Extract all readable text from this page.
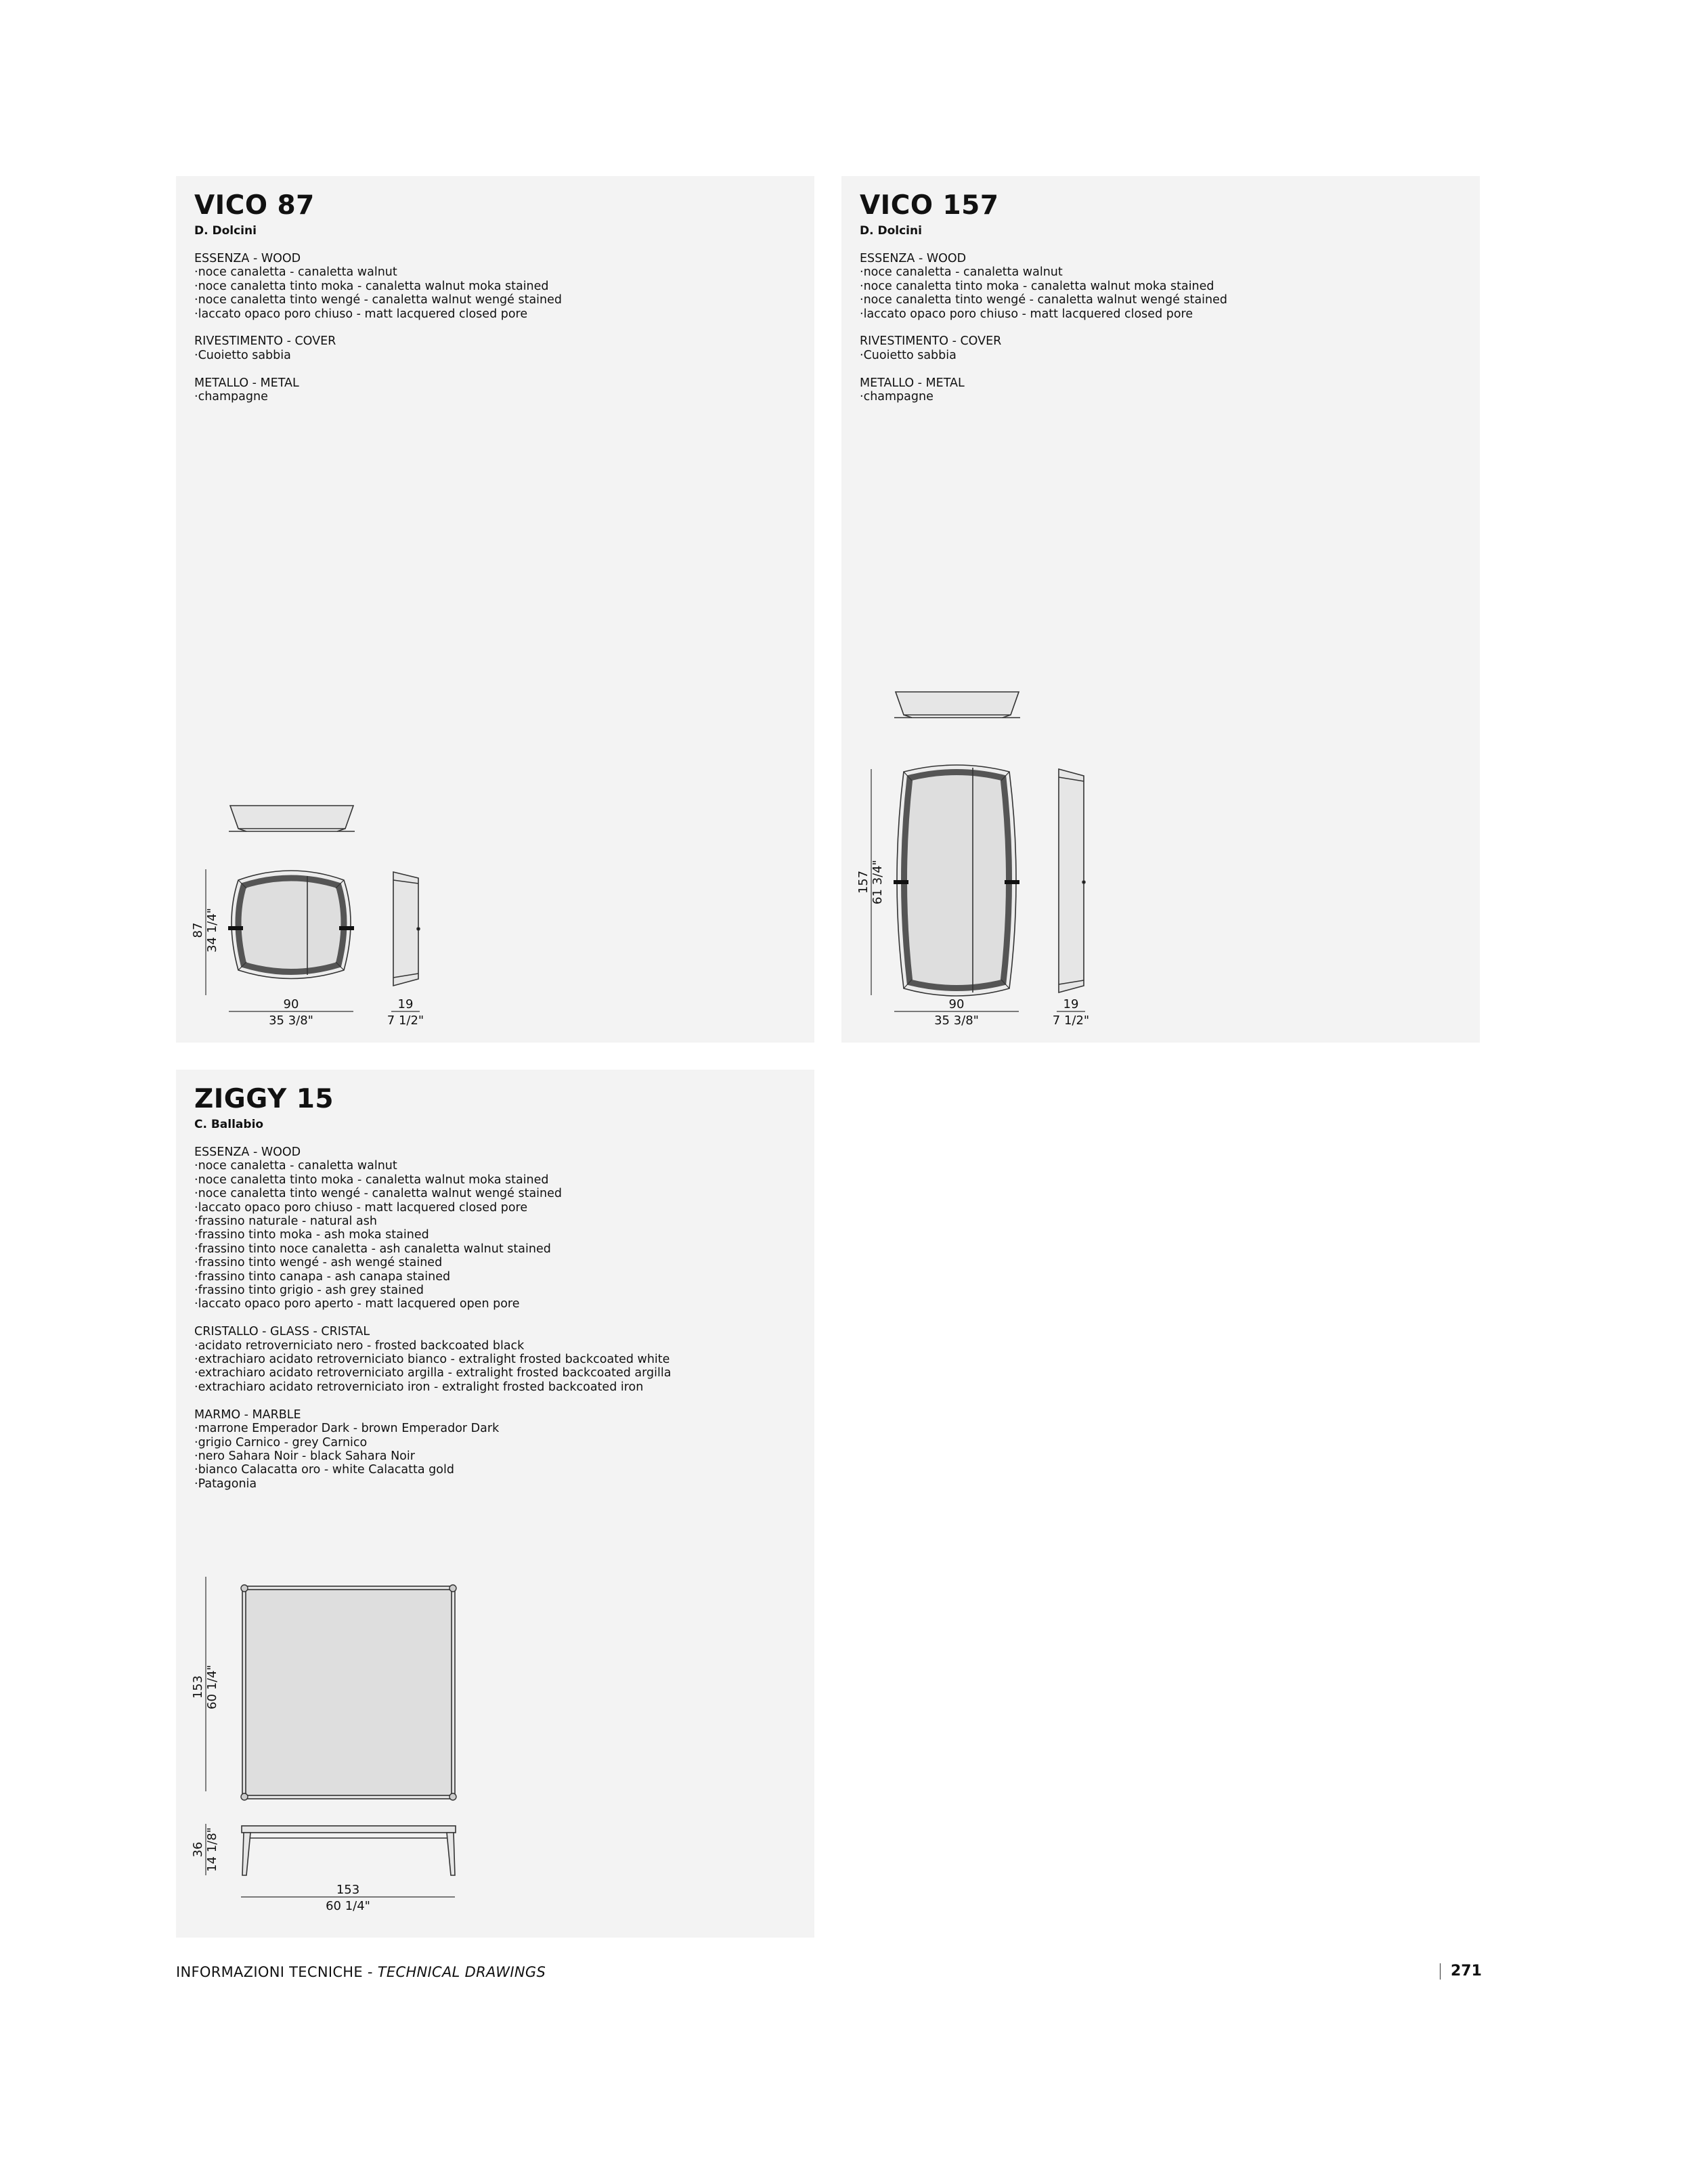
VICO 87
D. Dolcini
ESSENZA - WOOD
· noce canaletta - canaletta walnut
· noce canaletta tinto moka - canaletta walnut moka stained
· noce canaletta tinto wengé - canaletta walnut wengé stained
· laccato opaco poro chiuso - matt lacquered closed pore
RIVESTIMENTO - COVER
· Cuoietto sabbia
METALLO - METAL
· champagne
90
35 3/8"
19
7 1/2"
87 34 1/4"
VICO 157
D. Dolcini
ESSENZA - WOOD
· noce canaletta - canaletta walnut
· noce canaletta tinto moka - canaletta walnut moka stained
· noce canaletta tinto wengé - canaletta walnut wengé stained
· laccato opaco poro chiuso - matt lacquered closed pore
RIVESTIMENTO - COVER
· Cuoietto sabbia
METALLO - METAL
· champagne
90
35 3/8"
19
7 1/2"
157 61 3/4"
ZIGGY 15
C. Ballabio
ESSENZA - WOOD
· noce canaletta - canaletta walnut
· noce canaletta tinto moka - canaletta walnut moka stained
· noce canaletta tinto wengé - canaletta walnut wengé stained
· laccato opaco poro chiuso - matt lacquered closed pore
· frassino naturale - natural ash
· frassino tinto moka - ash moka stained
· frassino tinto noce canaletta - ash canaletta walnut stained
· frassino tinto wengé - ash wengé stained
· frassino tinto canapa - ash canapa stained
· frassino tinto grigio - ash grey stained
· laccato opaco poro aperto - matt lacquered open pore
CRISTALLO - GLASS - CRISTAL
· acidato retroverniciato nero - frosted backcoated black
· extrachiaro acidato retroverniciato bianco - extralight frosted backcoated white
· extrachiaro acidato retroverniciato argilla - extralight frosted backcoated argilla
· extrachiaro acidato retroverniciato iron - extralight frosted backcoated iron
MARMO - MARBLE
· marrone Emperador Dark - brown Emperador Dark
· grigio Carnico - grey Carnico
· nero Sahara Noir - black Sahara Noir
· bianco Calacatta oro - white Calacatta gold
· Patagonia
153 60 1/4"
36 14 1/8"
153
60 1/4"
INFORMAZIONI TECNICHE - TECHNICAL DRAWINGS	271
